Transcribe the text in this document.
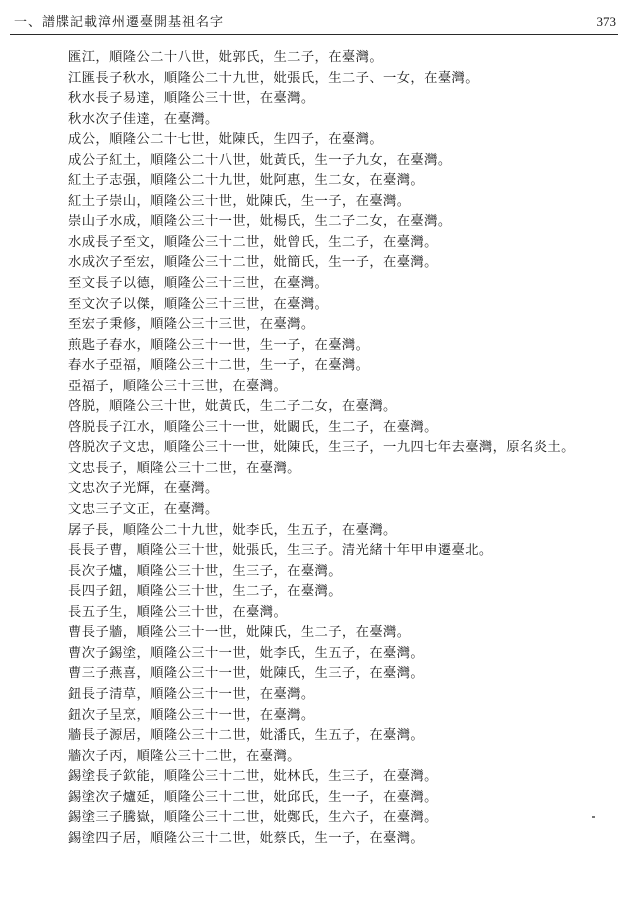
一、譜牒記載漳州遷臺開基祖名字	373
匯江，順隆公二十八世，妣郭氏，生二子，在臺灣。
江匯長子秋水，順隆公二十九世，妣張氏，生二子、一女，在臺灣。
秋水長子易達，順隆公三十世，在臺灣。
秋水次子佳達，在臺灣。
成公，順隆公二十七世，妣陳氏，生四子，在臺灣。
成公子紅土，順隆公二十八世，妣黃氏，生一子九女，在臺灣。
紅土子志强，順隆公二十九世，妣阿惠，生二女，在臺灣。
紅土子崇山，順隆公三十世，妣陳氏，生一子，在臺灣。
崇山子水成，順隆公三十一世，妣楊氏，生二子二女，在臺灣。
水成長子至文，順隆公三十二世，妣曾氏，生二子，在臺灣。
水成次子至宏，順隆公三十二世，妣簡氏，生一子，在臺灣。
至文長子以德，順隆公三十三世，在臺灣。
至文次子以傑，順隆公三十三世，在臺灣。
至宏子秉修，順隆公三十三世，在臺灣。
煎匙子春水，順隆公三十一世，生一子，在臺灣。
春水子亞福，順隆公三十二世，生一子，在臺灣。
亞福子，順隆公三十三世，在臺灣。
啓脱，順隆公三十世，妣黃氏，生二子二女，在臺灣。
啓脱長子江水，順隆公三十一世，妣闞氏，生二子，在臺灣。
啓脱次子文忠，順隆公三十一世，妣陳氏，生三子，一九四七年去臺灣，原名炎土。
文忠長子，順隆公三十二世，在臺灣。
文忠次子光輝，在臺灣。
文忠三子文正，在臺灣。
孱子長，順隆公二十九世，妣李氏，生五子，在臺灣。
長長子曹，順隆公三十世，妣張氏，生三子。清光緒十年甲申遷臺北。
長次子爐，順隆公三十世，生三子，在臺灣。
長四子鈕，順隆公三十世，生二子，在臺灣。
長五子生，順隆公三十世，在臺灣。
曹長子牆，順隆公三十一世，妣陳氏，生二子，在臺灣。
曹次子錫塗，順隆公三十一世，妣李氏，生五子，在臺灣。
曹三子燕喜，順隆公三十一世，妣陳氏，生三子，在臺灣。
鈕長子清草，順隆公三十一世，在臺灣。
鈕次子呈烹，順隆公三十一世，在臺灣。
牆長子源居，順隆公三十二世，妣潘氏，生五子，在臺灣。
牆次子丙，順隆公三十二世，在臺灣。
錫塗長子欽能，順隆公三十二世，妣林氏，生三子，在臺灣。
錫塗次子爐延，順隆公三十二世，妣邱氏，生一子，在臺灣。
錫塗三子騰嶽，順隆公三十二世，妣鄭氏，生六子，在臺灣。
錫塗四子居，順隆公三十二世，妣蔡氏，生一子，在臺灣。
